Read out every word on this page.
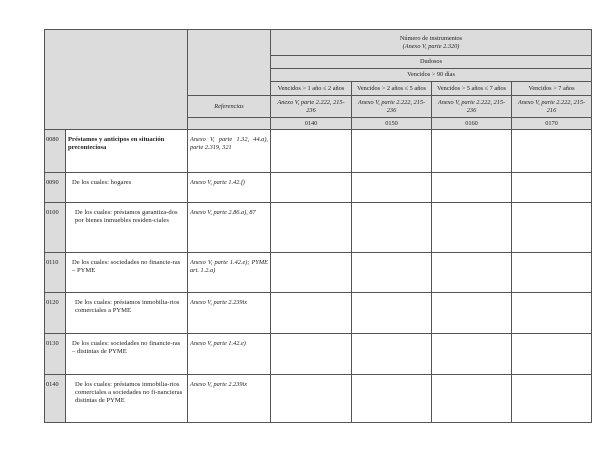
			Número de instrumentos
(Anexo V, parte 2.320)			

			Dudosos			
			Vencidos > 90 días			
			Vencidos > 1 año ≤ 2 años	Vencidos > 2 años ≤ 5 años	Vencidos > 5 años ≤ 7 años	Vencidos > 7 años
		Referencias	Anexo V, parte 2.222, 215-236	Anexo V, parte 2.222, 215-236	Anexo V, parte 2.222, 215-236	Anexo V, parte 2.222, 215-216
			0140	0150	0160	0170
0080	Préstamos y anticipos en situación preconteciosa	Anexo V, parte 1.32, 44.a), parte 2.319, 321				
0090	De los cuales: hogares	Anexo V, parte 1.42.f)				
0100	De los cuales: préstamos garantiza-dos por bienes inmuebles residen-ciales	Anexo V, parte 2.86.a), 87				
0110	De los cuales: sociedades no financie-ras – PYME	Anexo V, parte 1.42.e); PYME art. 1.2.a)				
0120	De los cuales: préstamos inmobilia-rios comerciales a PYME	Anexo V, parte 2.239ix				
0130	De los cuales: sociedades no financie-ras – distintas de PYME	Anexo V, parte 1.42.e)				
0140	De los cuales: préstamos inmobilia-rios comerciales a sociedades no fi-nancieras distintas de PYME	Anexo V, parte 2.239ix				
